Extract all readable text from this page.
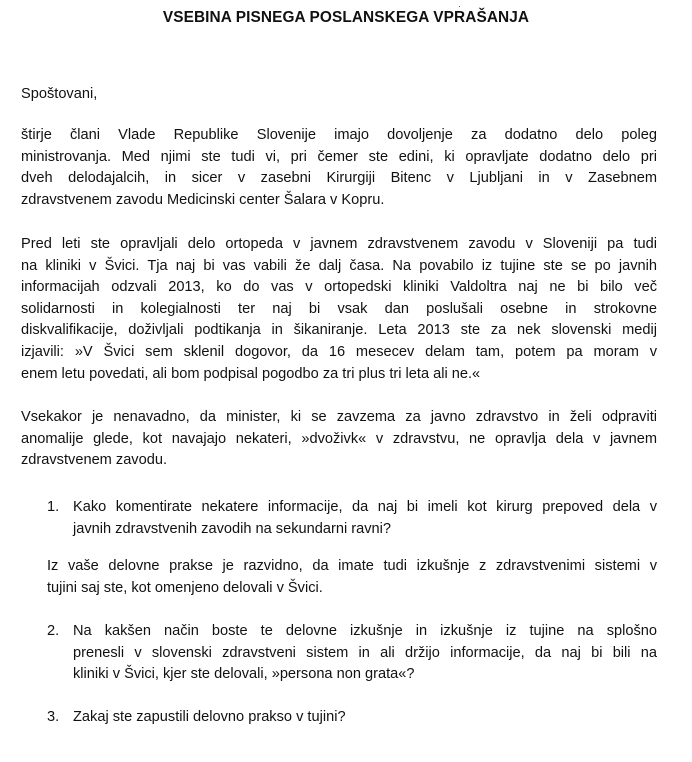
VSEBINA PISNEGA POSLANSKEGA VPRAŠANJA
·
Spoštovani,
štirje člani Vlade Republike Slovenije imajo dovoljenje za dodatno delo poleg
ministrovanja. Med njimi ste tudi vi, pri čemer ste edini, ki opravljate dodatno delo pri
dveh delodajalcih, in sicer v zasebni Kirurgiji Bitenc v Ljubljani in v Zasebnem
zdravstvenem zavodu Medicinski center Šalara v Kopru.
Pred leti ste opravljali delo ortopeda v javnem zdravstvenem zavodu v Sloveniji pa tudi
na kliniki v Švici. Tja naj bi vas vabili že dalj časa. Na povabilo iz tujine ste se po javnih
informacijah odzvali 2013, ko do vas v ortopedski kliniki Valdoltra naj ne bi bilo več
solidarnosti in kolegialnosti ter naj bi vsak dan poslušali osebne in strokovne
diskvalifikacije, doživljali podtikanja in šikaniranje. Leta 2013 ste za nek slovenski medij
izjavili: »V Švici sem sklenil dogovor, da 16 mesecev delam tam, potem pa moram v
enem letu povedati, ali bom podpisal pogodbo za tri plus tri leta ali ne.«
Vsekakor je nenavadno, da minister, ki se zavzema za javno zdravstvo in želi odpraviti
anomalije glede, kot navajajo nekateri, »dvoživk« v zdravstvu, ne opravlja dela v javnem
zdravstvenem zavodu.
1. Kako komentirate nekatere informacije, da naj bi imeli kot kirurg prepoved dela v
javnih zdravstvenih zavodih na sekundarni ravni?
Iz vaše delovne prakse je razvidno, da imate tudi izkušnje z zdravstvenimi sistemi v
tujini saj ste, kot omenjeno delovali v Švici.
2. Na kakšen način boste te delovne izkušnje in izkušnje iz tujine na splošno
prenesli v slovenski zdravstveni sistem in ali držijo informacije, da naj bi bili na
kliniki v Švici, kjer ste delovali, »persona non grata«?
3. Zakaj ste zapustili delovno prakso v tujini?
